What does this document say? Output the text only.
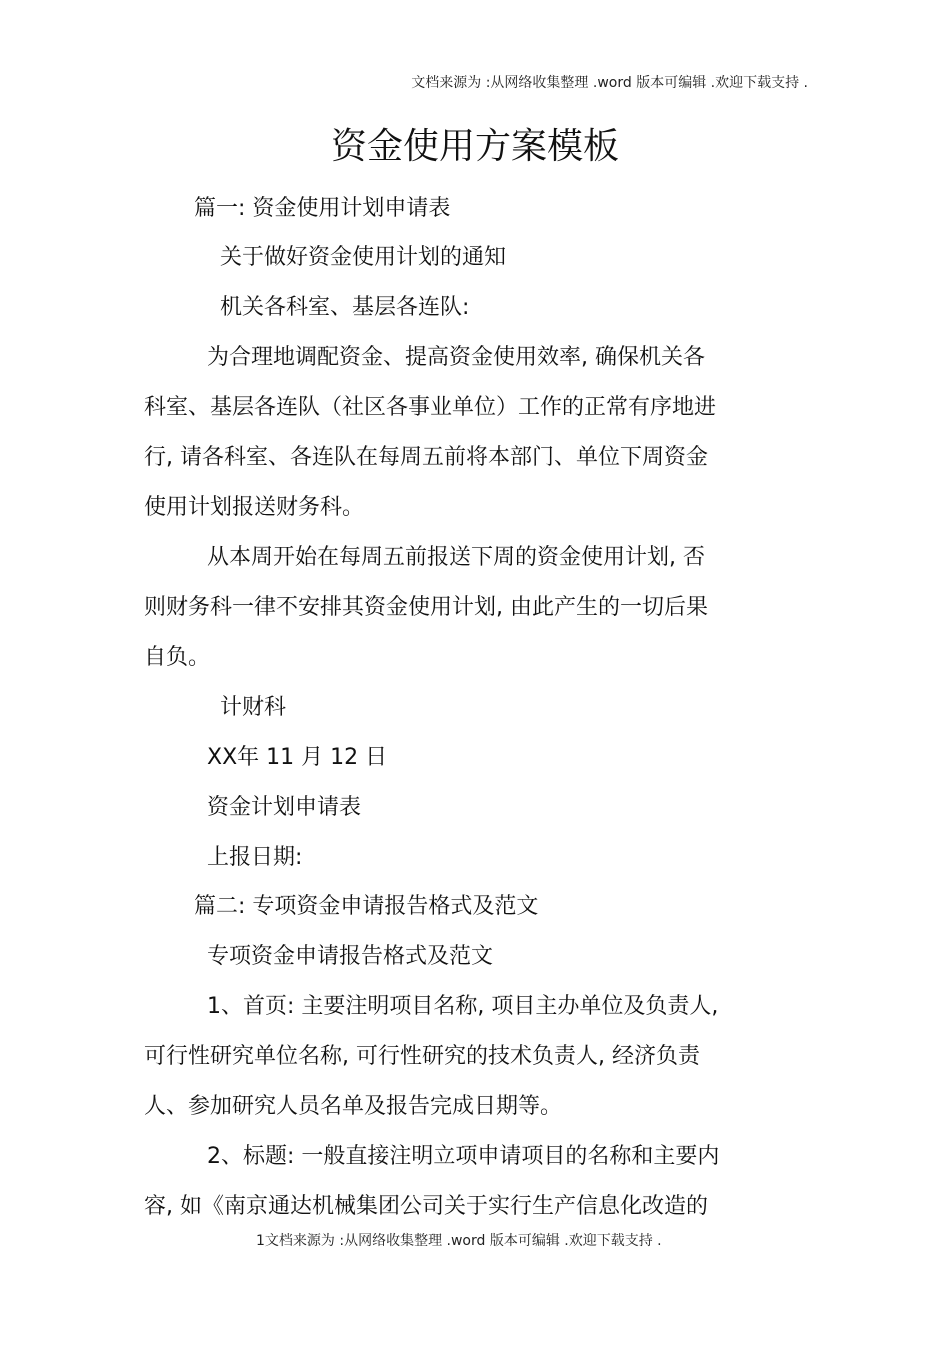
文档来源为 :从网络收集整理 .word 版本可编辑 .欢迎下载支持 .
资金使用方案模板
篇一: 资金使用计划申请表
关于做好资金使用计划的通知
机关各科室、基层各连队:
为合理地调配资金、提高资金使用效率, 确保机关各
科室、基层各连队（社区各事业单位）工作的正常有序地进
行, 请各科室、各连队在每周五前将本部门、单位下周资金
使用计划报送财务科。
从本周开始在每周五前报送下周的资金使用计划, 否
则财务科一律不安排其资金使用计划, 由此产生的一切后果
自负。
计财科
XX年 11 月 12 日
资金计划申请表
上报日期:
篇二: 专项资金申请报告格式及范文
专项资金申请报告格式及范文
1、首页: 主要注明项目名称, 项目主办单位及负责人,
可行性研究单位名称, 可行性研究的技术负责人, 经济负责
人、参加研究人员名单及报告完成日期等。
2、标题: 一般直接注明立项申请项目的名称和主要内
容, 如《南京通达机械集团公司关于实行生产信息化改造的
1文档来源为 :从网络收集整理 .word 版本可编辑 .欢迎下载支持 .
